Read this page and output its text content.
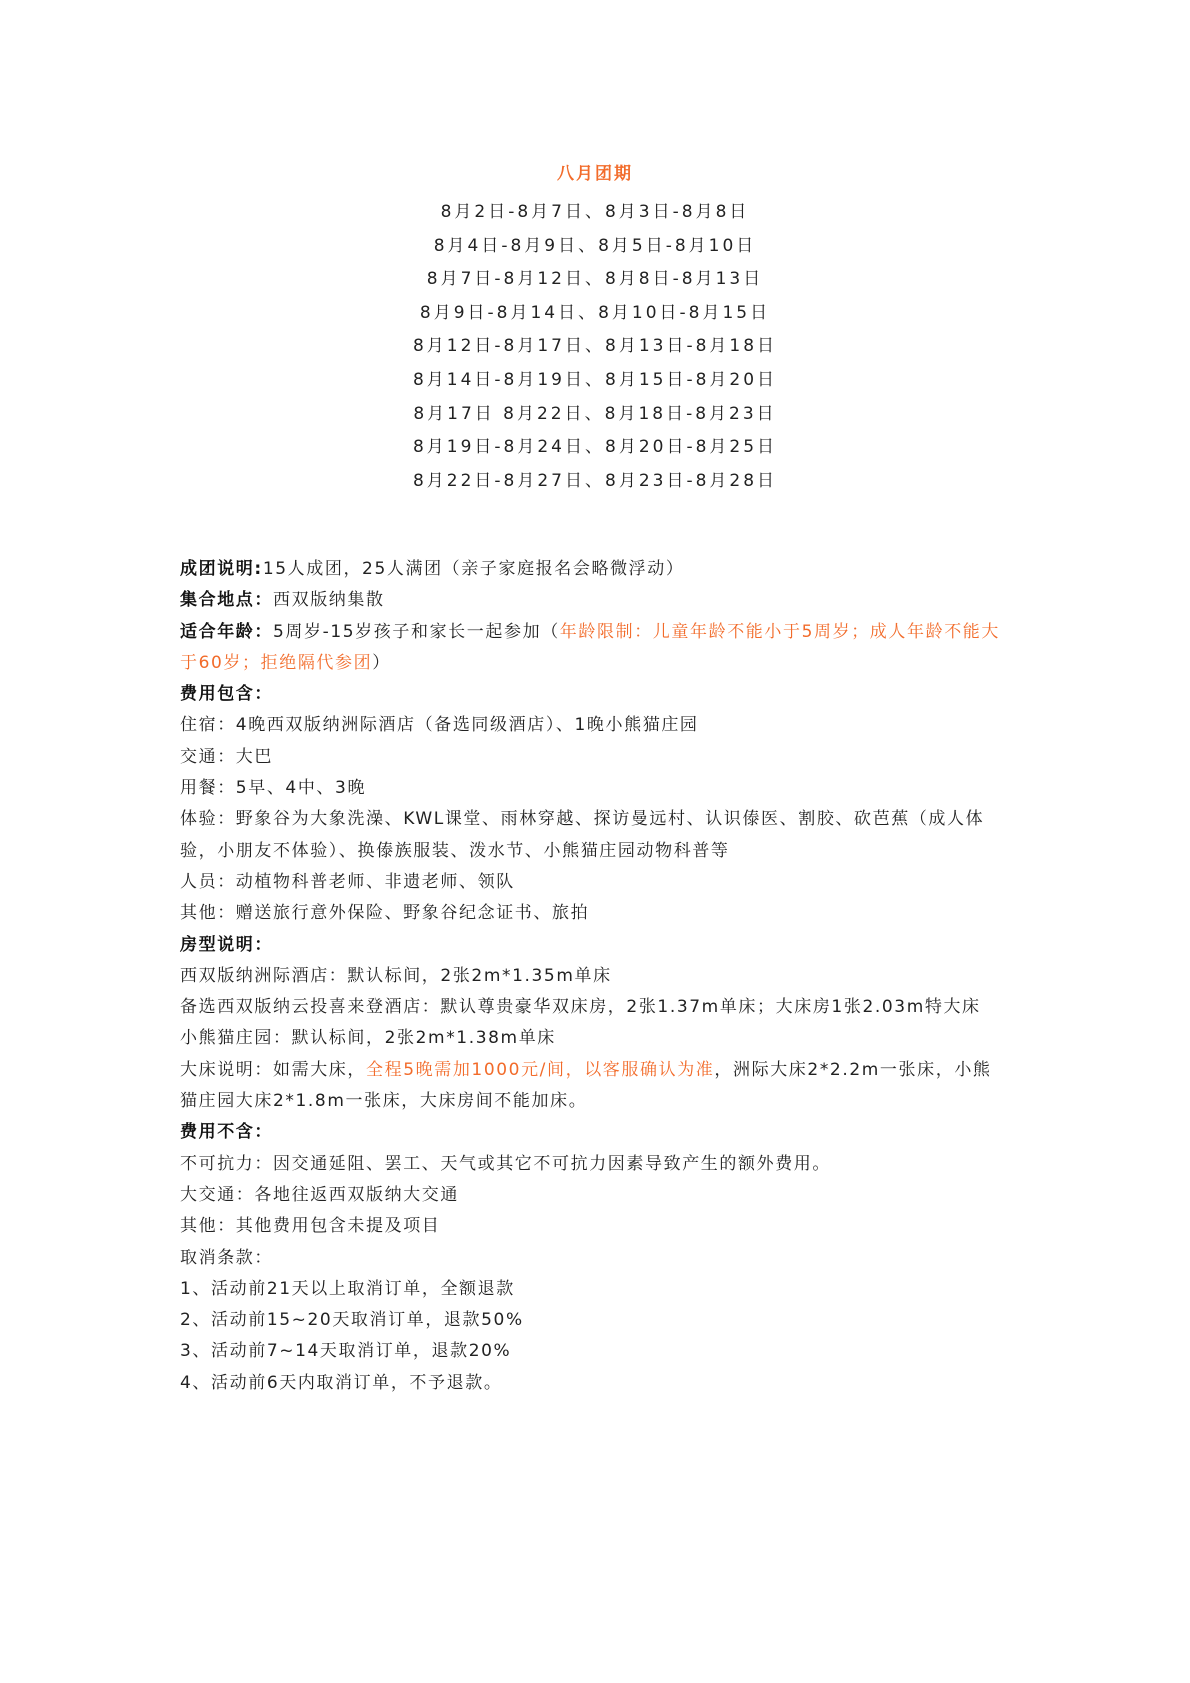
八月团期
8月2日-8月7日、8月3日-8月8日
8月4日-8月9日、8月5日-8月10日
8月7日-8月12日、8月8日-8月13日
8月9日-8月14日、8月10日-8月15日
8月12日-8月17日、8月13日-8月18日
8月14日-8月19日、8月15日-8月20日
8月17日 8月22日、8月18日-8月23日
8月19日-8月24日、8月20日-8月25日
8月22日-8月27日、8月23日-8月28日
成团说明:15人成团，25人满团（亲子家庭报名会略微浮动）
集合地点：西双版纳集散
适合年龄：5周岁-15岁孩子和家长一起参加（年龄限制：儿童年龄不能小于5周岁；成人年龄不能大于60岁；拒绝隔代参团）
费用包含：
住宿：4晚西双版纳洲际酒店（备选同级酒店）、1晚小熊猫庄园
交通：大巴
用餐：5早、4中、3晚
体验：野象谷为大象洗澡、KWL课堂、雨林穿越、探访曼远村、认识傣医、割胶、砍芭蕉（成人体验，小朋友不体验）、换傣族服装、泼水节、小熊猫庄园动物科普等
人员：动植物科普老师、非遗老师、领队
其他：赠送旅行意外保险、野象谷纪念证书、旅拍
房型说明：
西双版纳洲际酒店：默认标间，2张2m*1.35m单床
备选西双版纳云投喜来登酒店：默认尊贵豪华双床房，2张1.37m单床；大床房1张2.03m特大床
小熊猫庄园：默认标间，2张2m*1.38m单床
大床说明：如需大床，全程5晚需加1000元/间，以客服确认为准，洲际大床2*2.2m一张床，小熊猫庄园大床2*1.8m一张床，大床房间不能加床。
费用不含：
不可抗力：因交通延阻、罢工、天气或其它不可抗力因素导致产生的额外费用。
大交通：各地往返西双版纳大交通
其他：其他费用包含未提及项目
取消条款：
1、活动前21天以上取消订单，全额退款
2、活动前15~20天取消订单，退款50%
3、活动前7~14天取消订单，退款20%
4、活动前6天内取消订单，不予退款。
